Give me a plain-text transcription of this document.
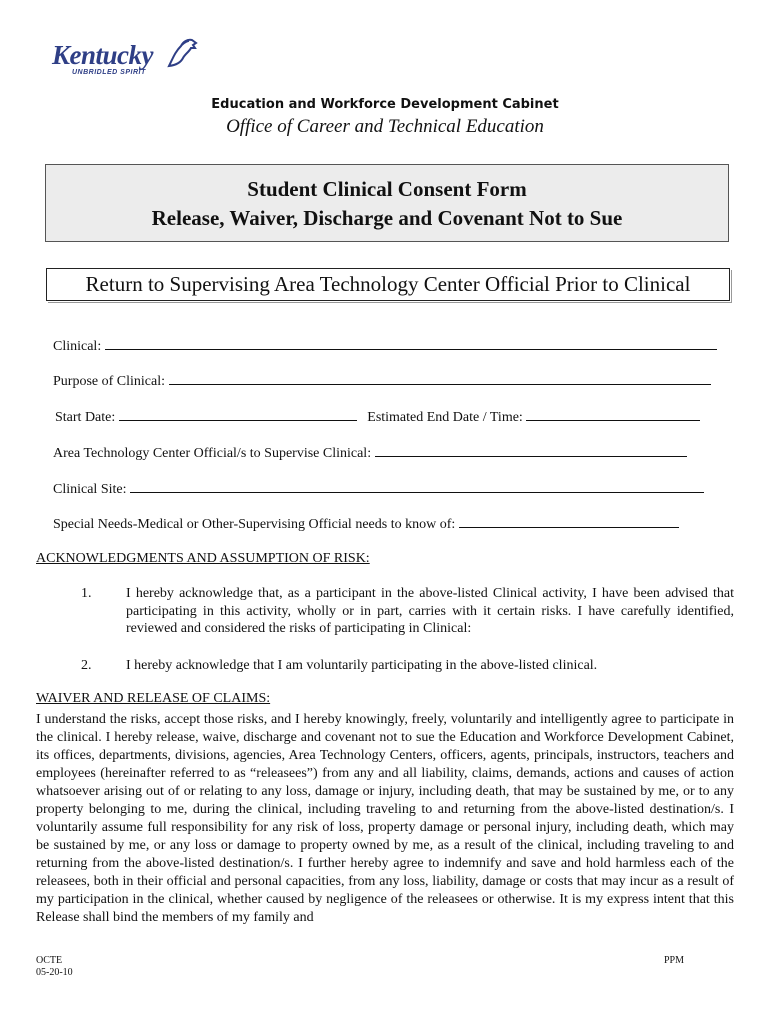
Kentucky
UNBRIDLED SPIRIT
Education and Workforce Development Cabinet
Office of Career and Technical Education
Student Clinical Consent Form
Release, Waiver, Discharge and Covenant Not to Sue
Return to Supervising Area Technology Center Official Prior to Clinical
Clinical:
Purpose of Clinical:
Start Date:	Estimated End Date / Time:
Area Technology Center Official/s to Supervise Clinical:
Clinical Site:
Special Needs-Medical or Other-Supervising Official needs to know of:
ACKNOWLEDGMENTS AND ASSUMPTION OF RISK:
1. I hereby acknowledge that, as a participant in the above-listed Clinical activity, I have been advised that participating in this activity, wholly or in part, carries with it certain risks. I have carefully identified, reviewed and considered the risks of participating in Clinical:
2. I hereby acknowledge that I am voluntarily participating in the above-listed clinical.
WAIVER AND RELEASE OF CLAIMS:
I understand the risks, accept those risks, and I hereby knowingly, freely, voluntarily and intelligently agree to participate in the clinical. I hereby release, waive, discharge and covenant not to sue the Education and Workforce Development Cabinet, its offices, departments, divisions, agencies, Area Technology Centers, officers, agents, principals, instructors, teachers and employees (hereinafter referred to as “releasees”) from any and all liability, claims, demands, actions and causes of action whatsoever arising out of or relating to any loss, damage or injury, including death, that may be sustained by me, or to any property belonging to me, during the clinical, including traveling to and returning from the above-listed destination/s. I voluntarily assume full responsibility for any risk of loss, property damage or personal injury, including death, which may be sustained by me, or any loss or damage to property owned by me, as a result of the clinical, including traveling to and returning from the above-listed destination/s. I further hereby agree to indemnify and save and hold harmless each of the releasees, both in their official and personal capacities, from any loss, liability, damage or costs that may incur as a result of my participation in the clinical, whether caused by negligence of the releasees or otherwise. It is my express intent that this Release shall bind the members of my family and
OCTE
05-20-10
PPM
